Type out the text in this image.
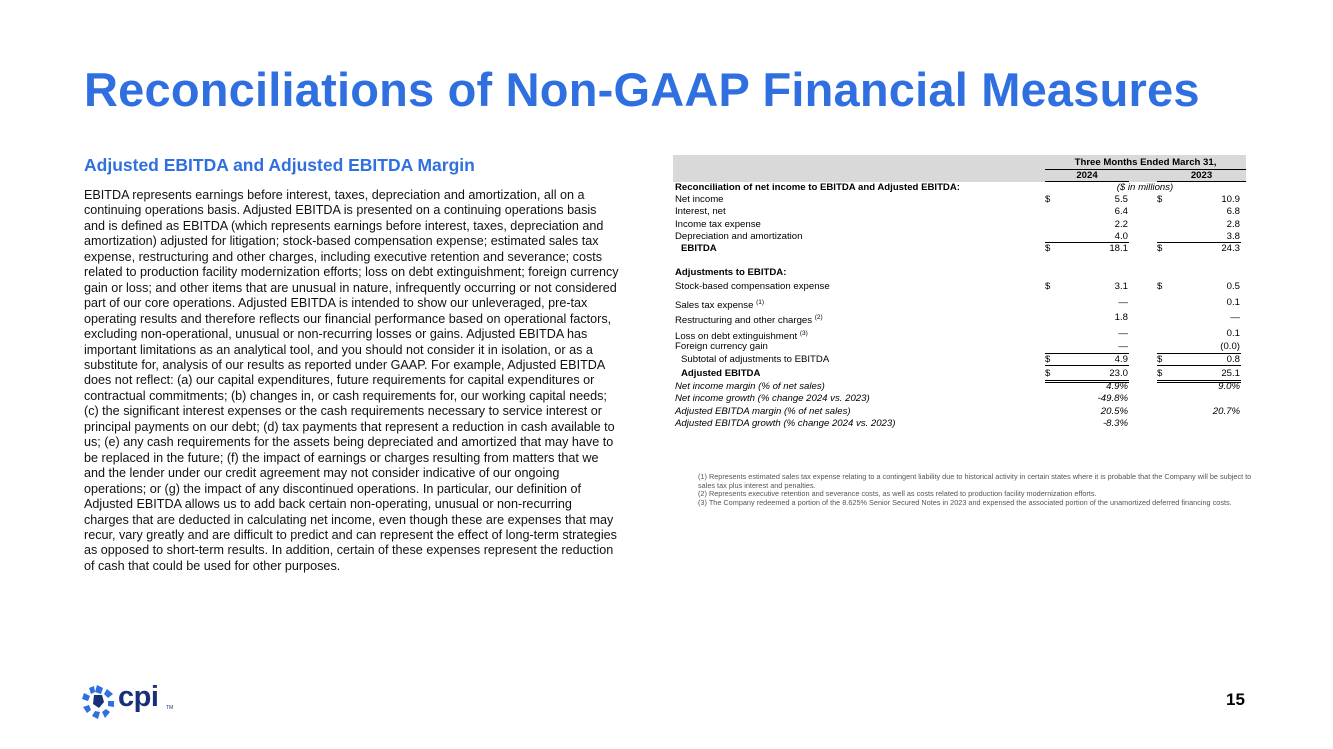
Reconciliations of Non-GAAP Financial Measures
Adjusted EBITDA and Adjusted EBITDA Margin

EBITDA represents earnings before interest, taxes, depreciation and amortization, all on a continuing operations basis. Adjusted EBITDA is presented on a continuing operations basis and is defined as EBITDA (which represents earnings before interest, taxes, depreciation and amortization) adjusted for litigation; stock-based compensation expense; estimated sales tax expense, restructuring and other charges, including executive retention and severance; costs related to production facility modernization efforts; loss on debt extinguishment; foreign currency gain or loss; and other items that are unusual in nature, infrequently occurring or not considered part of our core operations. Adjusted EBITDA is intended to show our unleveraged, pre-tax operating results and therefore reflects our financial performance based on operational factors, excluding non-operational, unusual or non-recurring losses or gains. Adjusted EBITDA has important limitations as an analytical tool, and you should not consider it in isolation, or as a substitute for, analysis of our results as reported under GAAP. For example, Adjusted EBITDA does not reflect: (a) our capital expenditures, future requirements for capital expenditures or contractual commitments; (b) changes in, or cash requirements for, our working capital needs; (c) the significant interest expenses or the cash requirements necessary to service interest or principal payments on our debt; (d) tax payments that represent a reduction in cash available to us; (e) any cash requirements for the assets being depreciated and amortized that may have to be replaced in the future; (f) the impact of earnings or charges resulting from matters that we and the lender under our credit agreement may not consider indicative of our ongoing operations; or (g) the impact of any discontinued operations. In particular, our definition of Adjusted EBITDA allows us to add back certain non-operating, unusual or non-recurring charges that are deducted in calculating net income, even though these are expenses that may recur, vary greatly and are difficult to predict and can represent the effect of long-term strategies as opposed to short-term results. In addition, certain of these expenses represent the reduction of cash that could be used for other purposes.

Three Months Ended March 31,
2024	2023
Reconciliation of net income to EBITDA and Adjusted EBITDA:	($ in millions)
Net income	$	5.5	$	10.9
Interest, net	6.4	6.8
Income tax expense	2.2	2.8
Depreciation and amortization	4.0	3.8
EBITDA	$	18.1	$	24.3
Adjustments to EBITDA:
Stock-based compensation expense	$	3.1	$	0.5
Sales tax expense $^{(1)}$	—	0.1
Restructuring and other charges $^{(2)}$	1.8	—
Loss on debt extinguishment $^{(3)}$	—	0.1
Foreign currency gain	—	(0.0)
Subtotal of adjustments to EBITDA	$	4.9	$	0.8
Adjusted EBITDA	$	23.0	$	25.1
Net income margin (% of net sales)	4.9%	9.0%
Net income growth (% change 2024 vs. 2023)	-49.8%
Adjusted EBITDA margin (% of net sales)	20.5%	20.7%
Adjusted EBITDA growth (% change 2024 vs. 2023)	-8.3%

(1) Represents estimated sales tax expense relating to a contingent liability due to historical activity in certain states where it is probable that the Company will be subject to sales tax plus interest and penalties.

(2) Represents executive retention and severance costs, as well as costs related to production facility modernization efforts.

(3) The Company redeemed a portion of the 8.625% Senior Secured Notes in 2023 and expensed the associated portion of the unamortized deferred financing costs.

cpi TM	15
